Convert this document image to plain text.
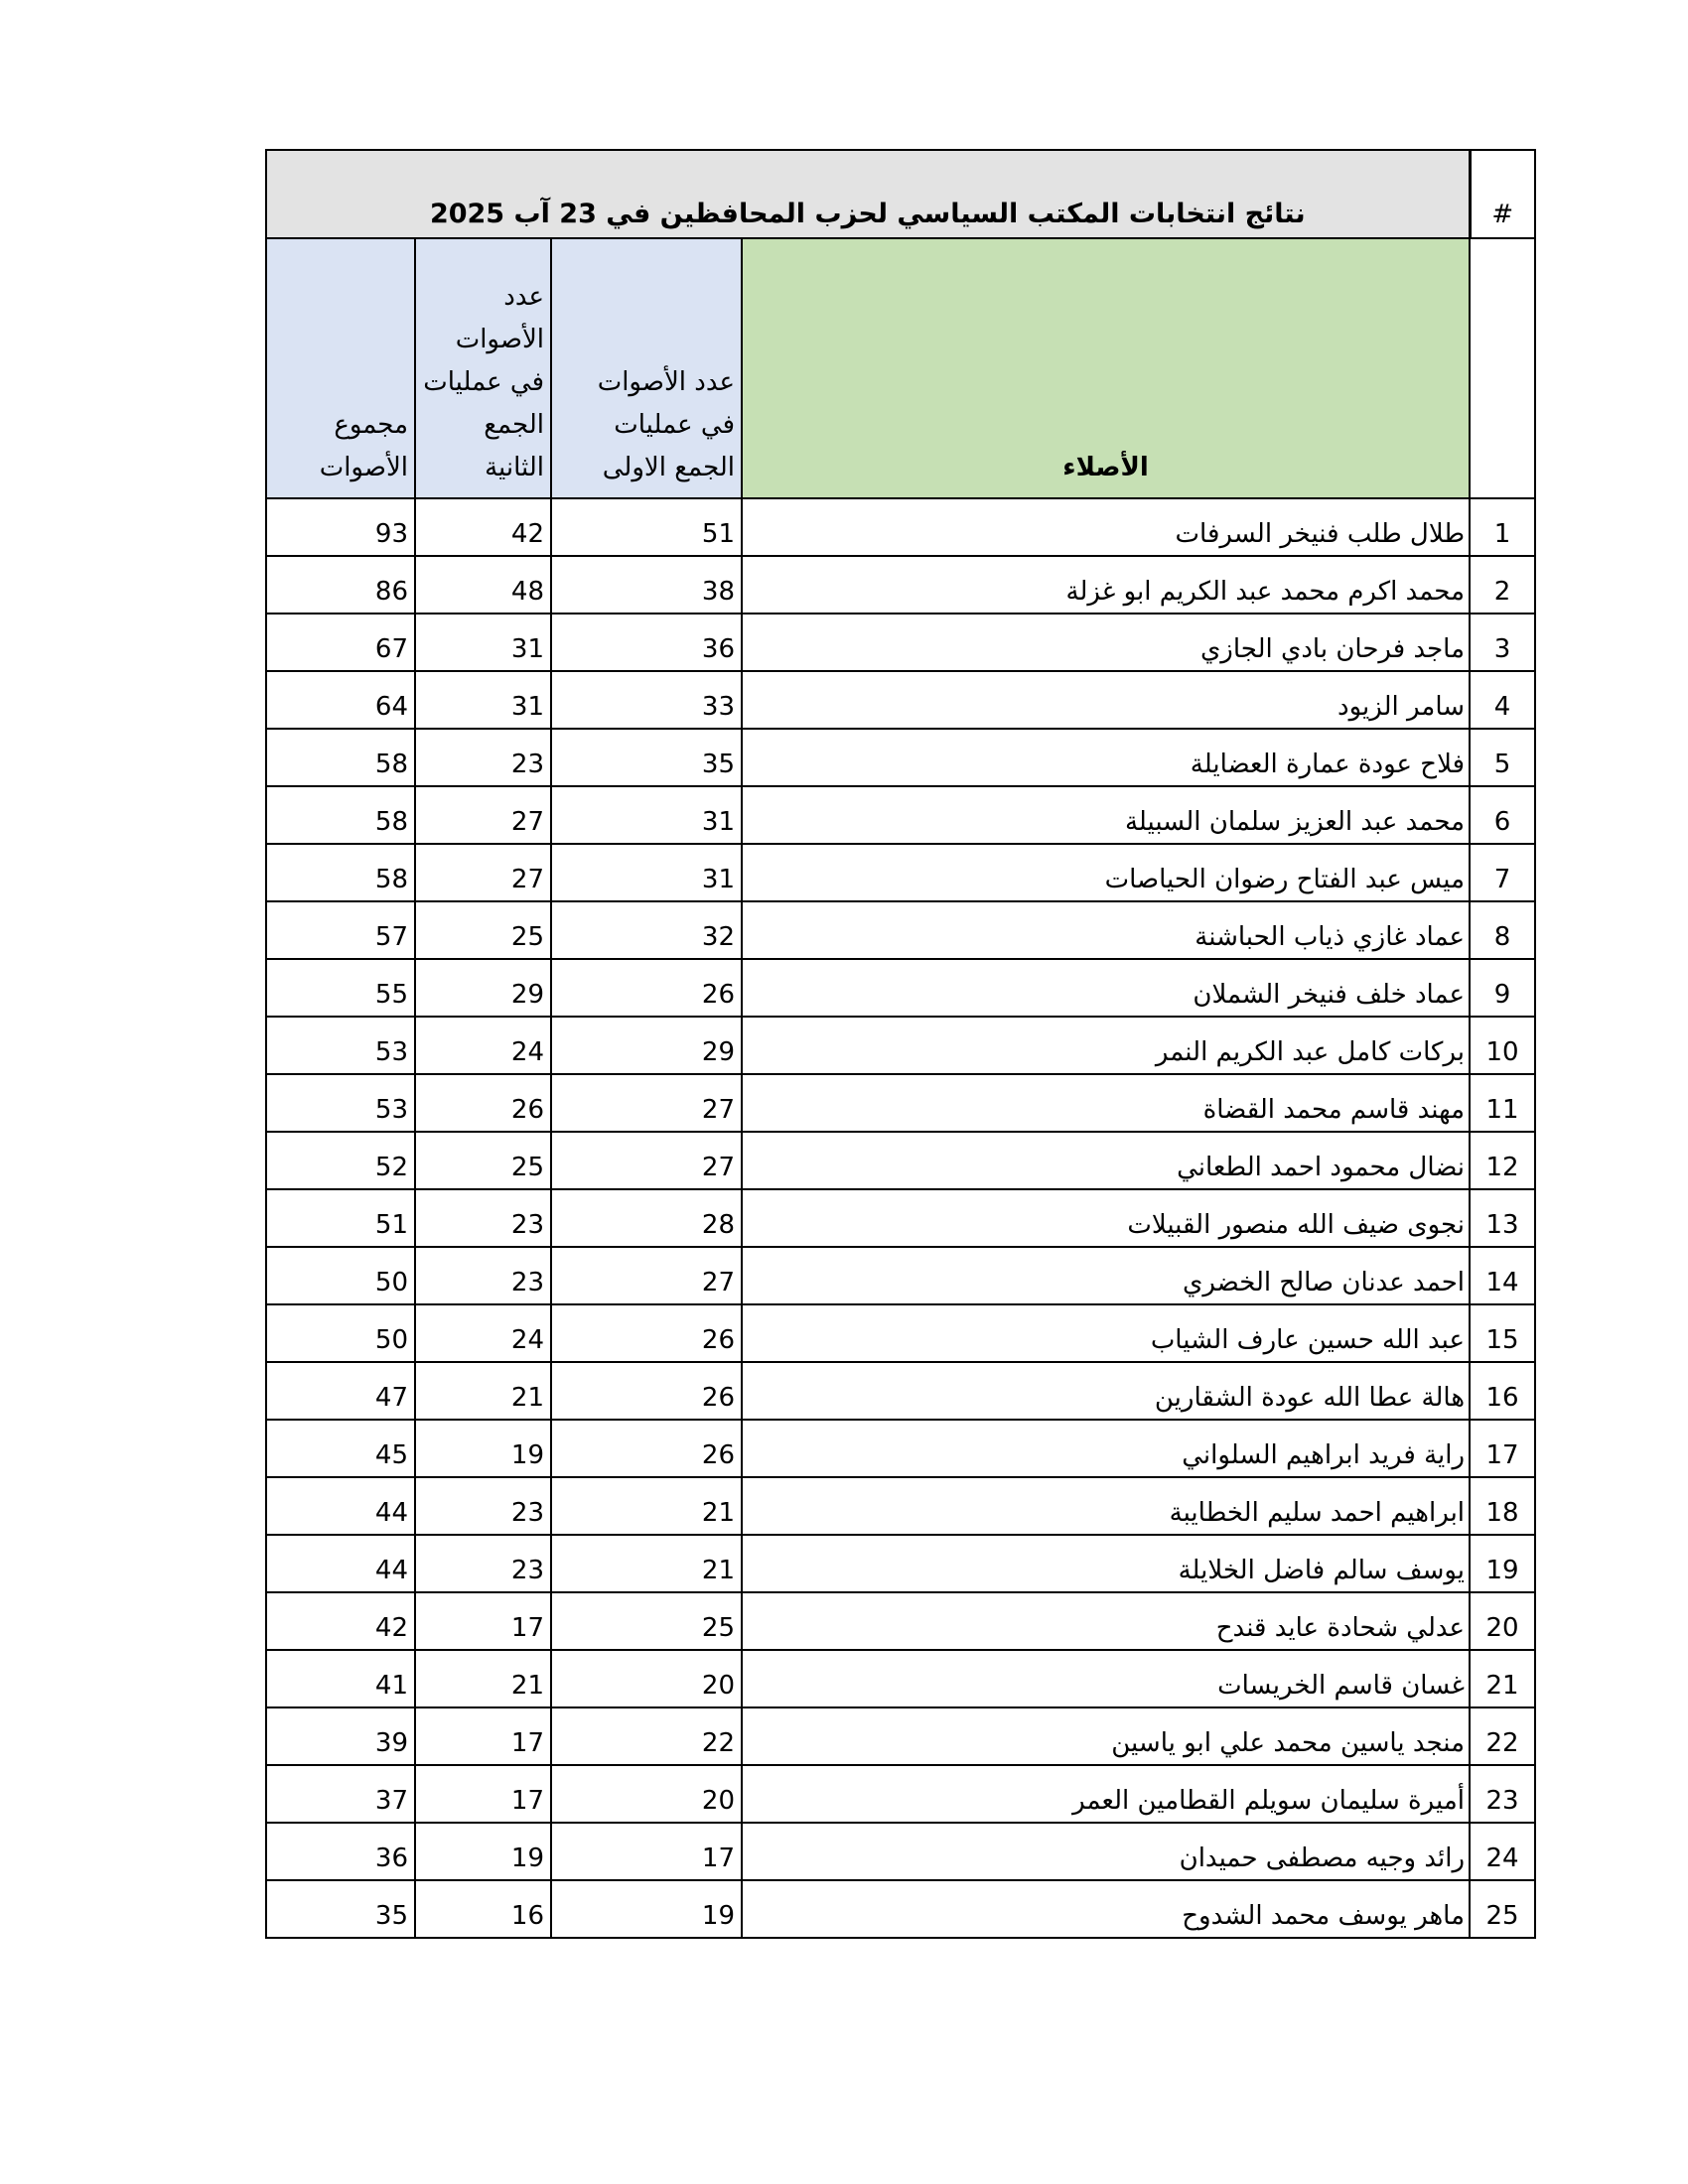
نتائج انتخابات المكتب السياسي لحزب المحافظين في 23 آب 2025				#
مجموع الأصوات	عدد الأصوات في عمليات الجمع الثانية	عدد الأصوات في عمليات الجمع الاولى	الأصلاء	
93	42	51	طلال طلب فنيخر السرفات	1
86	48	38	محمد اكرم محمد عبد الكريم ابو غزلة	2
67	31	36	ماجد فرحان بادي الجازي	3
64	31	33	سامر الزيود	4
58	23	35	فلاح عودة عمارة العضايلة	5
58	27	31	محمد عبد العزيز سلمان السبيلة	6
58	27	31	ميس عبد الفتاح رضوان الحياصات	7
57	25	32	عماد غازي ذياب الحباشنة	8
55	29	26	عماد خلف فنيخر الشملان	9
53	24	29	بركات كامل عبد الكريم النمر	10
53	26	27	مهند قاسم محمد القضاة	11
52	25	27	نضال محمود احمد الطعاني	12
51	23	28	نجوى ضيف الله منصور القبيلات	13
50	23	27	احمد عدنان صالح الخضري	14
50	24	26	عبد الله حسين عارف الشياب	15
47	21	26	هالة عطا الله عودة الشقارين	16
45	19	26	راية فريد ابراهيم السلواني	17
44	23	21	ابراهيم احمد سليم الخطايبة	18
44	23	21	يوسف سالم فاضل الخلايلة	19
42	17	25	عدلي شحادة عايد قندح	20
41	21	20	غسان قاسم الخريسات	21
39	17	22	منجد ياسين محمد علي ابو ياسين	22
37	17	20	أميرة سليمان سويلم القطامين العمر	23
36	19	17	رائد وجيه مصطفى حميدان	24
35	16	19	ماهر يوسف محمد الشدوح	25
